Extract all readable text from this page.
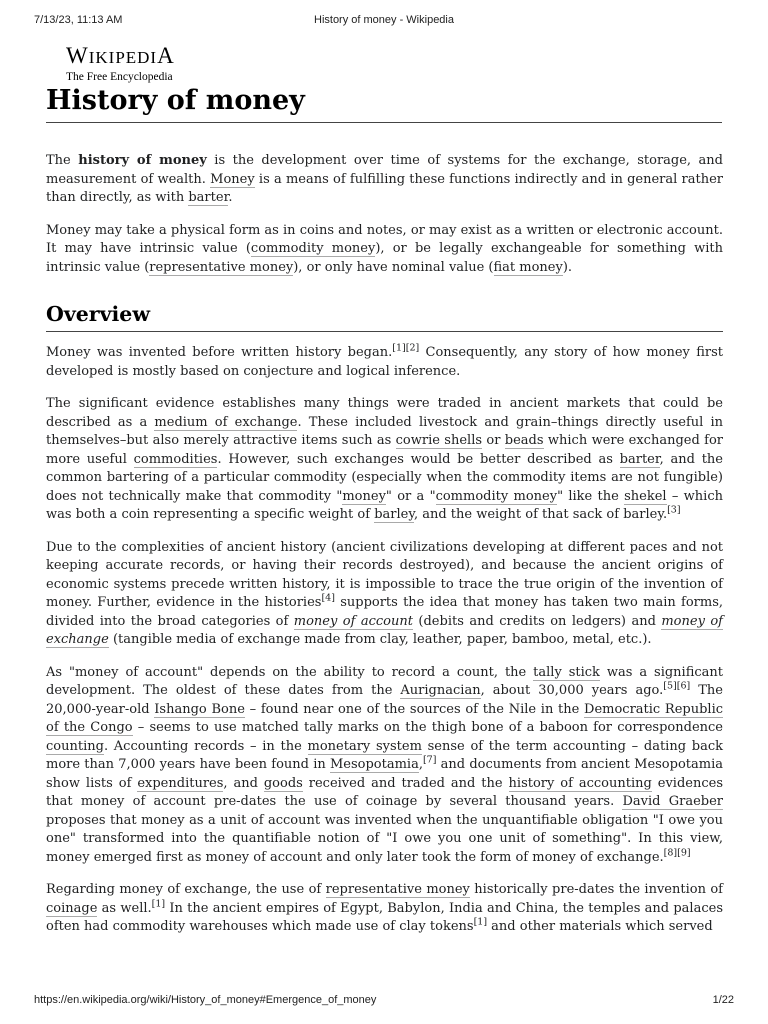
7/13/23, 11:13 AM	History of money - Wikipedia
WIKIPEDIA
The Free Encyclopedia
History of money

The history of money is the development over time of systems for the exchange, storage, and measurement of wealth. Money is a means of fulfilling these functions indirectly and in general rather than directly, as with barter.

Money may take a physical form as in coins and notes, or may exist as a written or electronic account. It may have intrinsic value (commodity money), or be legally exchangeable for something with intrinsic value (representative money), or only have nominal value (fiat money).

Overview

Money was invented before written history began.[1][2] Consequently, any story of how money first developed is mostly based on conjecture and logical inference.

The significant evidence establishes many things were traded in ancient markets that could be described as a medium of exchange. These included livestock and grain–things directly useful in themselves–but also merely attractive items such as cowrie shells or beads which were exchanged for more useful commodities. However, such exchanges would be better described as barter, and the common bartering of a particular commodity (especially when the commodity items are not fungible) does not technically make that commodity "money" or a "commodity money" like the shekel – which was both a coin representing a specific weight of barley, and the weight of that sack of barley.[3]

Due to the complexities of ancient history (ancient civilizations developing at different paces and not keeping accurate records, or having their records destroyed), and because the ancient origins of economic systems precede written history, it is impossible to trace the true origin of the invention of money. Further, evidence in the histories[4] supports the idea that money has taken two main forms, divided into the broad categories of money of account (debits and credits on ledgers) and money of exchange (tangible media of exchange made from clay, leather, paper, bamboo, metal, etc.).

As "money of account" depends on the ability to record a count, the tally stick was a significant development. The oldest of these dates from the Aurignacian, about 30,000 years ago.[5][6] The 20,000-year-old Ishango Bone – found near one of the sources of the Nile in the Democratic Republic of the Congo – seems to use matched tally marks on the thigh bone of a baboon for correspondence counting. Accounting records – in the monetary system sense of the term accounting – dating back more than 7,000 years have been found in Mesopotamia,[7] and documents from ancient Mesopotamia show lists of expenditures, and goods received and traded and the history of accounting evidences that money of account pre-dates the use of coinage by several thousand years. David Graeber proposes that money as a unit of account was invented when the unquantifiable obligation "I owe you one" transformed into the quantifiable notion of "I owe you one unit of something". In this view, money emerged first as money of account and only later took the form of money of exchange.[8][9]

Regarding money of exchange, the use of representative money historically pre-dates the invention of coinage as well.[1] In the ancient empires of Egypt, Babylon, India and China, the temples and palaces often had commodity warehouses which made use of clay tokens[1] and other materials which served

https://en.wikipedia.org/wiki/History_of_money#Emergence_of_money	1/22
